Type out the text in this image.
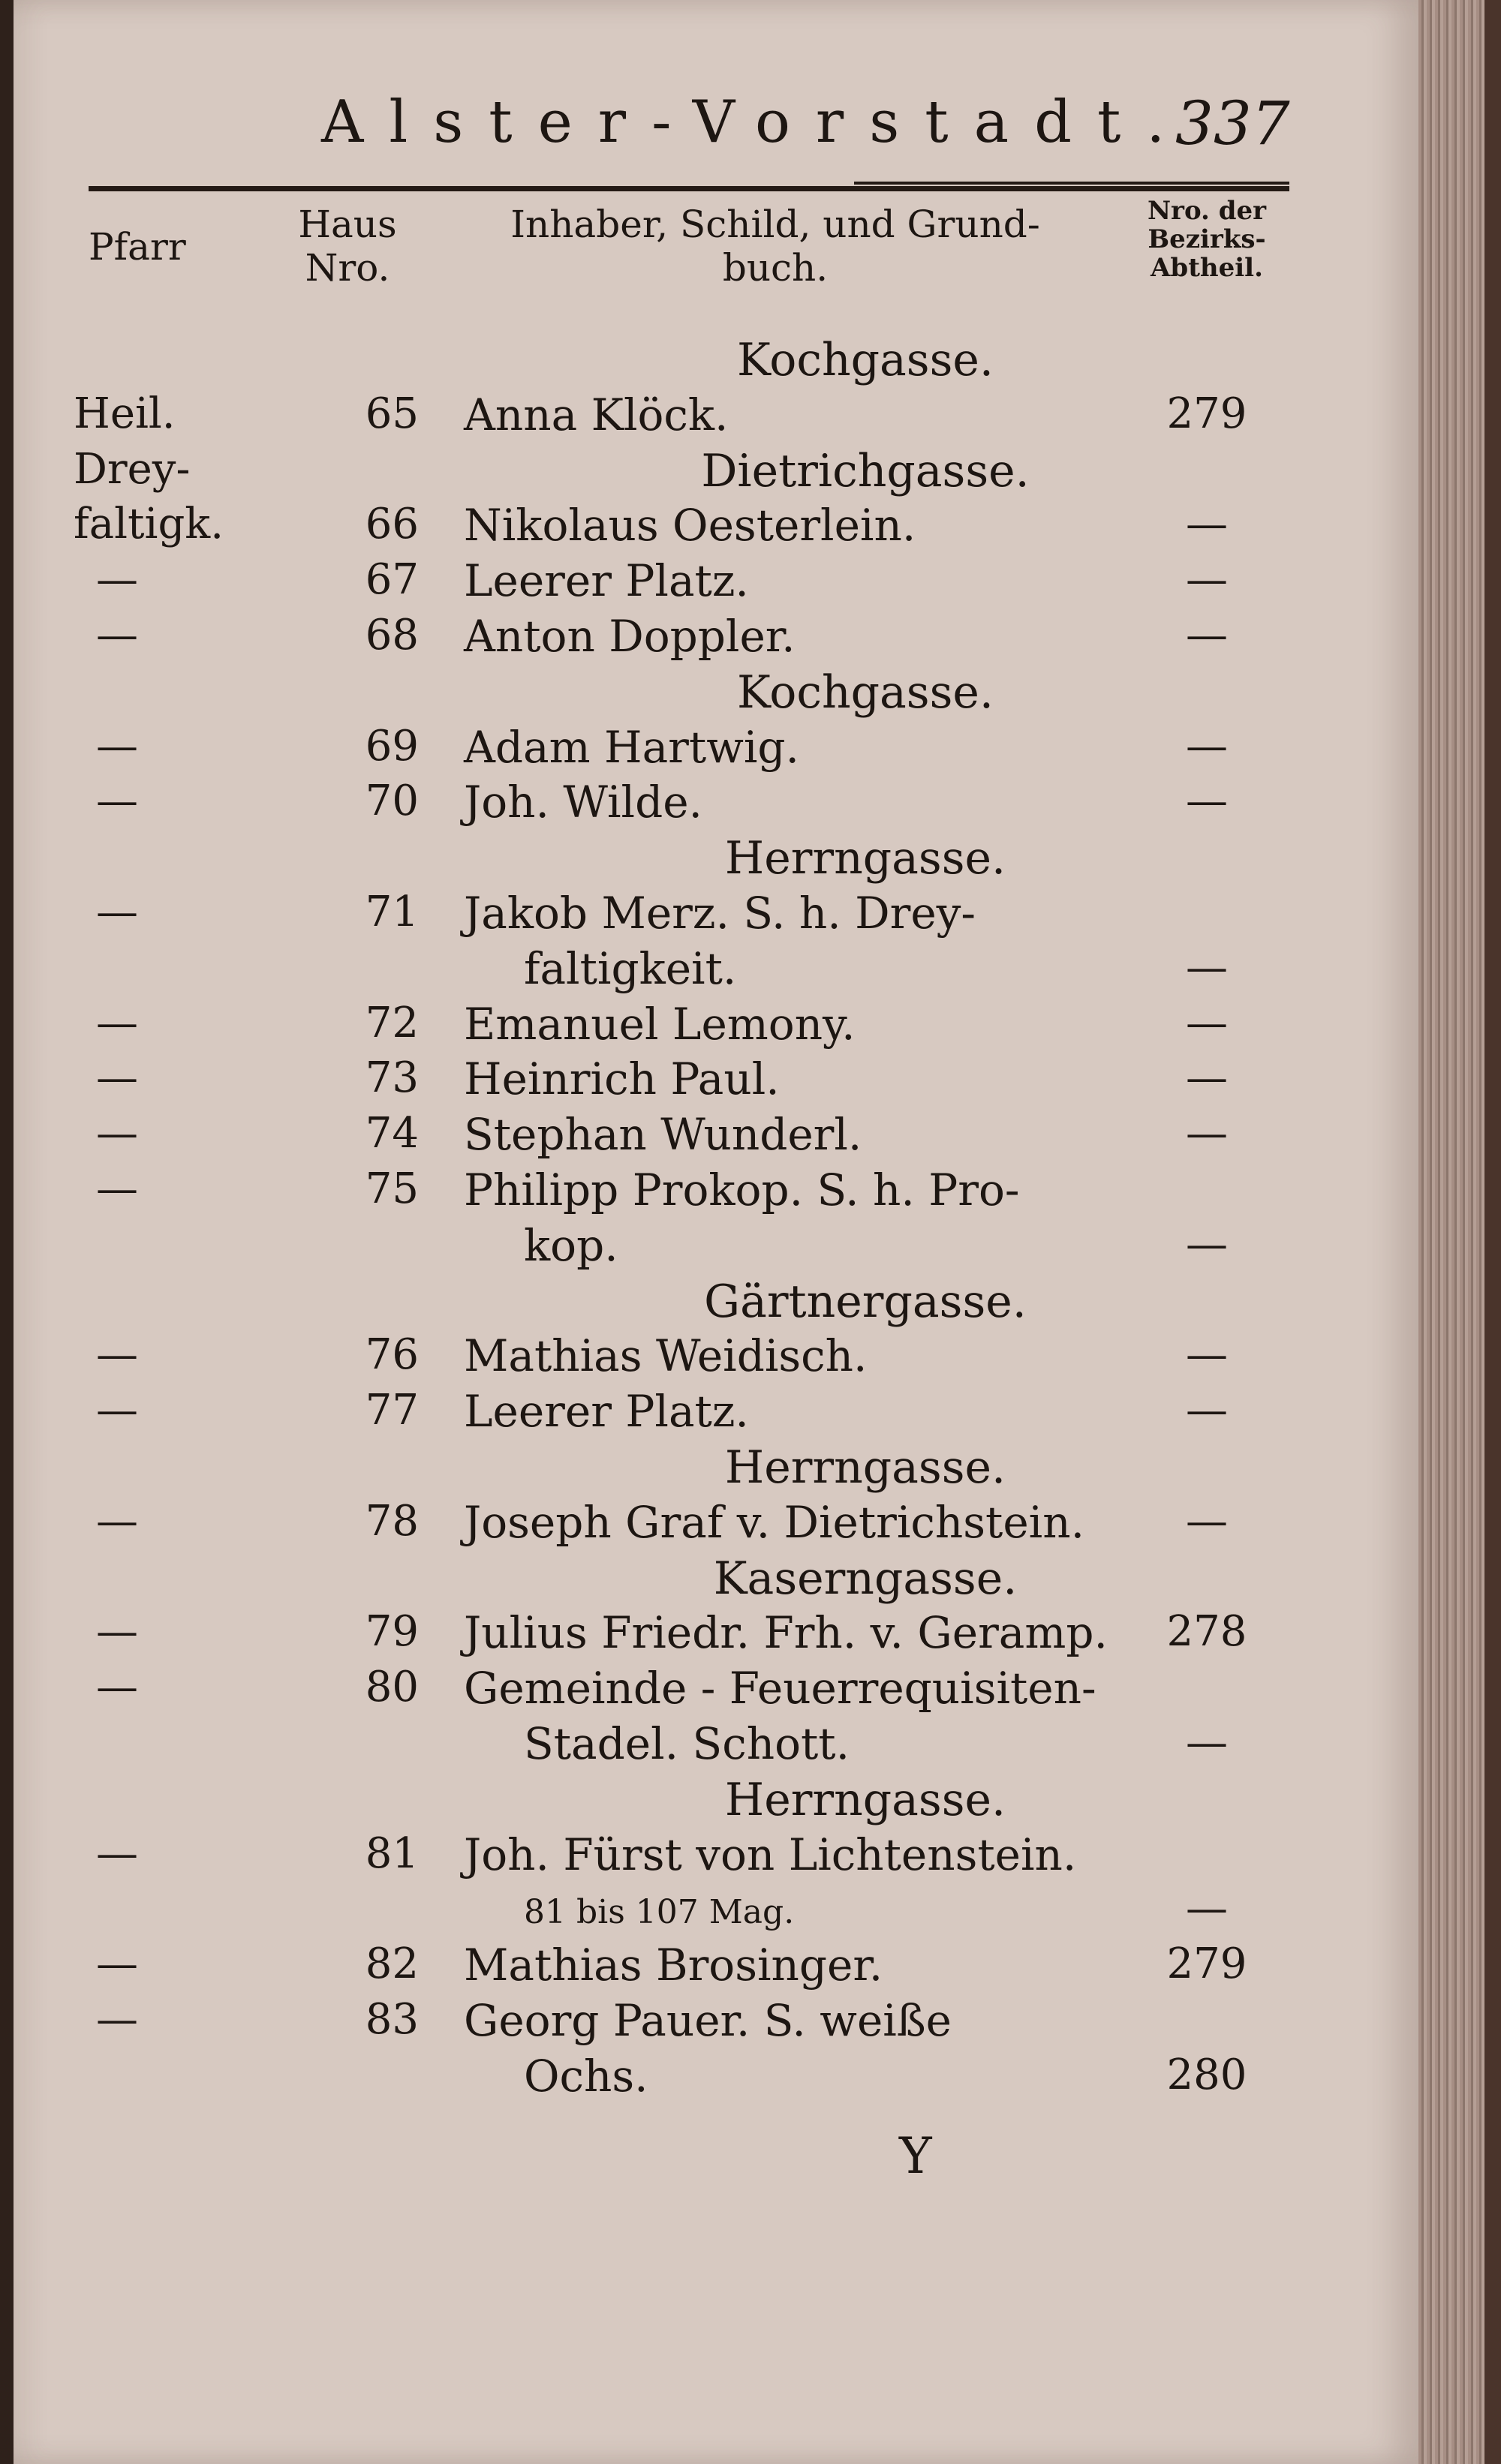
Alster-Vorstadt.
337
Pfarr
Haus
Nro.
Inhaber, Schild, und Grund-
buch.
Nro. der
Bezirks-
Abtheil.
Kochgasse.
Heil.	65 Anna Klöck.	279
Dietrichgasse.
Drey-
faltigk.	66 Nikolaus Oesterlein.	—
—	67 Leerer Platz.	—
—	68 Anton Doppler.	—
Kochgasse.
—	69 Adam Hartwig.	—
—	70 Joh. Wilde.	—
Herrngasse.
—	71 Jakob Merz. S. h. Drey-
faltigkeit.	—
—	72 Emanuel Lemony.	—
—	73 Heinrich Paul.	—
—	74 Stephan Wunderl.	—
—	75 Philipp Prokop. S. h. Pro-
kop.	—
Gärtnergasse.
—	76 Mathias Weidisch.	—
—	77 Leerer Platz.	—
Herrngasse.
—	78 Joseph Graf v. Dietrichstein.	—
Kaserngasse.
—	79 Julius Friedr. Frh. v. Geramp.	278
—	80 Gemeinde - Feuerrequisiten-
Stadel. Schott.	—
Herrngasse.
—	81 Joh. Fürst von Lichtenstein.
81 bis 107 Mag.	—
—	82 Mathias Brosinger.	279
—	83 Georg Pauer. S. weiße
Ochs.	280
Y
